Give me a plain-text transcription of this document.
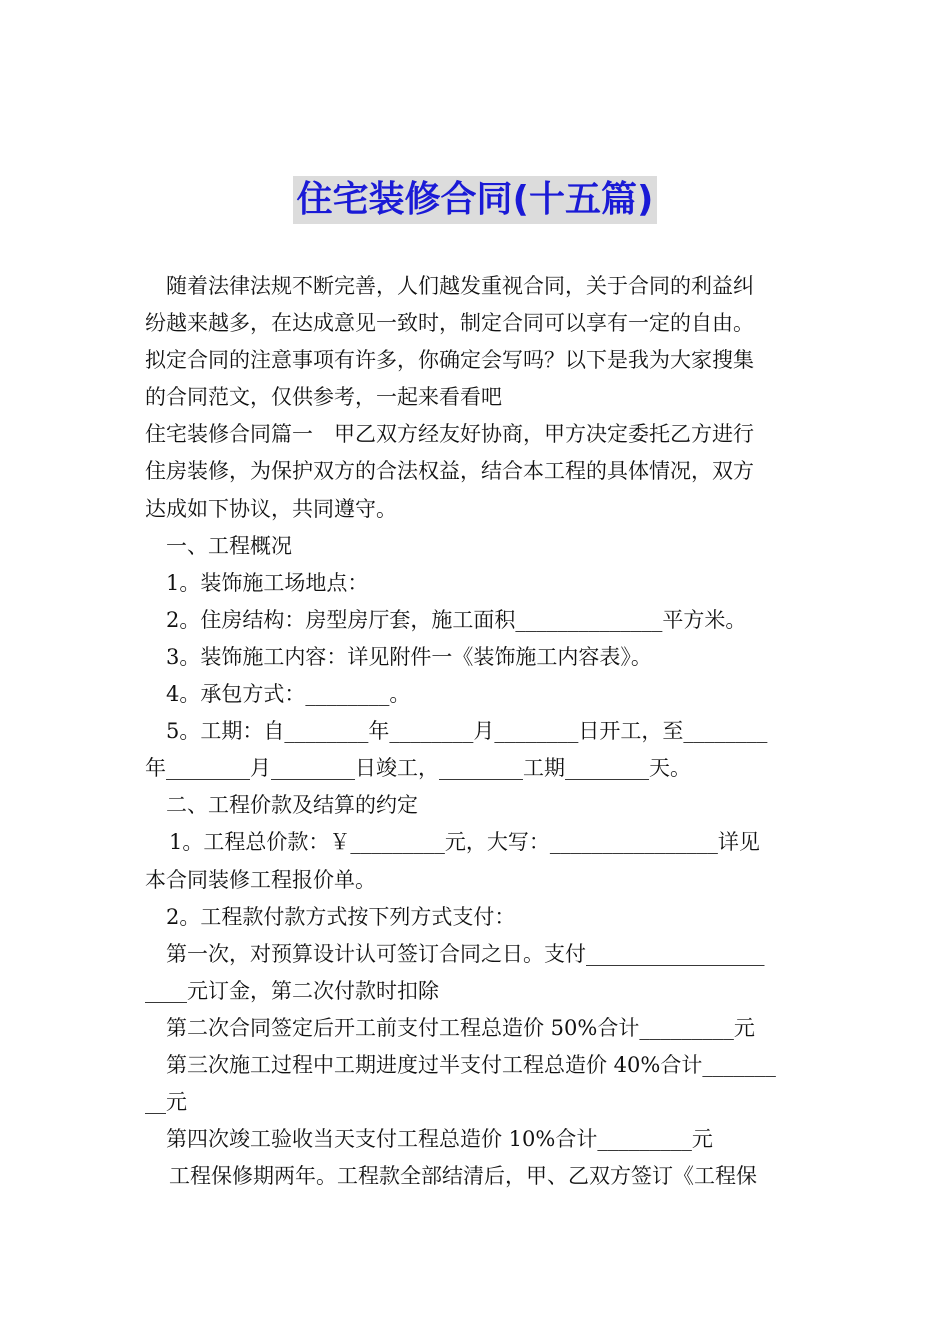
住宅装修合同(十五篇)

随着法律法规不断完善，人们越发重视合同，关于合同的利益纠

纷越来越多，在达成意见一致时，制定合同可以享有一定的自由。

拟定合同的注意事项有许多，你确定会写吗？以下是我为大家搜集

的合同范文，仅供参考，一起来看看吧

住宅装修合同篇一　甲乙双方经友好协商，甲方决定委托乙方进行

住房装修，为保护双方的合法权益，结合本工程的具体情况，双方

达成如下协议，共同遵守。

一、工程概况

1。装饰施工场地点：

2。住房结构：房型房厅套，施工面积______________平方米。

3。装饰施工内容：详见附件一《装饰施工内容表》。

4。承包方式：________。

5。工期：自________年________月________日开工，至________

年________月________日竣工，________工期________天。

二、工程价款及结算的约定

1。工程总价款：￥_________元，大写：________________详见

本合同装修工程报价单。

2。工程款付款方式按下列方式支付：

第一次，对预算设计认可签订合同之日。支付_________________

____元订金，第二次付款时扣除

第二次合同签定后开工前支付工程总造价 50%合计_________元

第三次施工过程中工期进度过半支付工程总造价 40%合计_______

__元

第四次竣工验收当天支付工程总造价 10%合计_________元

工程保修期两年。工程款全部结清后，甲、乙双方签订《工程保
